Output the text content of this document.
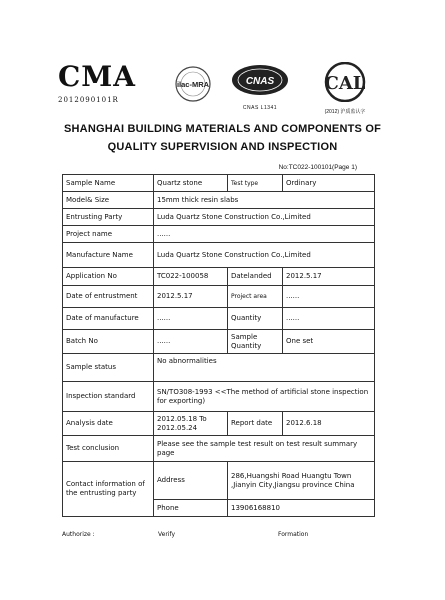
CMA
2012090101R
ilac-MRA	CNAS
CNAS L1341
CAL
(2012) 沪质监认字
SHANGHAI BUILDING MATERIALS AND COMPONENTS OF
QUALITY SUPERVISION AND INSPECTION
No:TC022-100101(Page 1)
Sample Name	Quartz stone	Test type	Ordinary
Model& Size	15mm thick resin slabs		
Entrusting Party	Luda Quartz Stone Construction Co.,Limited		
Project name	......		
Manufacture Name	Luda Quartz Stone Construction Co.,Limited		
Application No	TC022-100058	Datelanded	2012.5.17
Date of entrustment	2012.5.17	Project area	......
Date of manufacture	......	Quantity	......
Batch No	......	Sample Quantity	One set
Sample status	No abnormalities		
Inspection standard	SN/TO308-1993 <<The method of artificial stone inspection for exporting)		
Analysis date	2012.05.18 To 2012.05.24	Report date	2012.6.18
Test conclusion	Please see the sample test result on test result summary page		
Contact information of the entrusting party	Address	286,Huangshi Road Huangtu Town ,Jianyin City,Jiangsu province China	
	Phone	13906168810	
Authorize :	Verify	Formation
